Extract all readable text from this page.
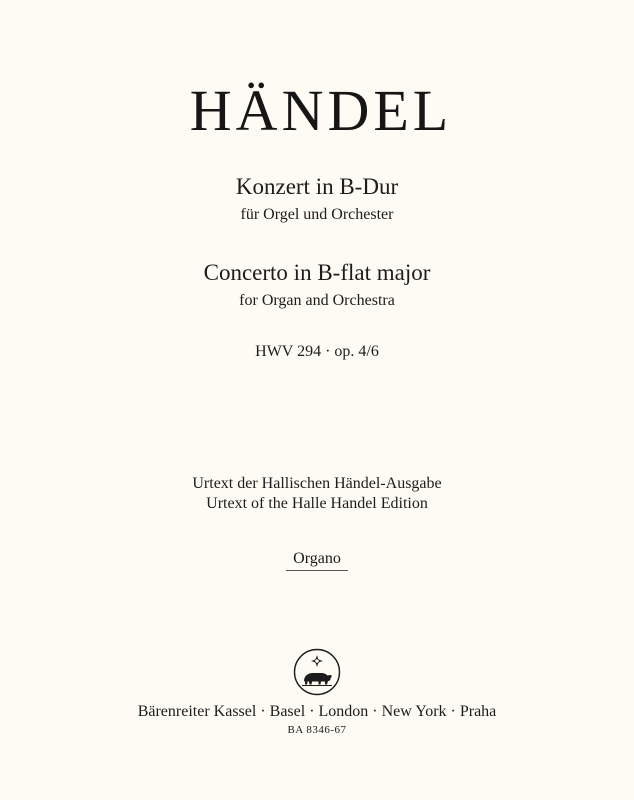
HÄNDEL
Konzert in B-Dur
für Orgel und Orchester
Concerto in B-flat major
for Organ and Orchestra
HWV 294 · op. 4/6
Urtext der Hallischen Händel-Ausgabe
Urtext of the Halle Handel Edition
Organo
Bärenreiter Kassel · Basel · London · New York · Praha
BA 8346-67
